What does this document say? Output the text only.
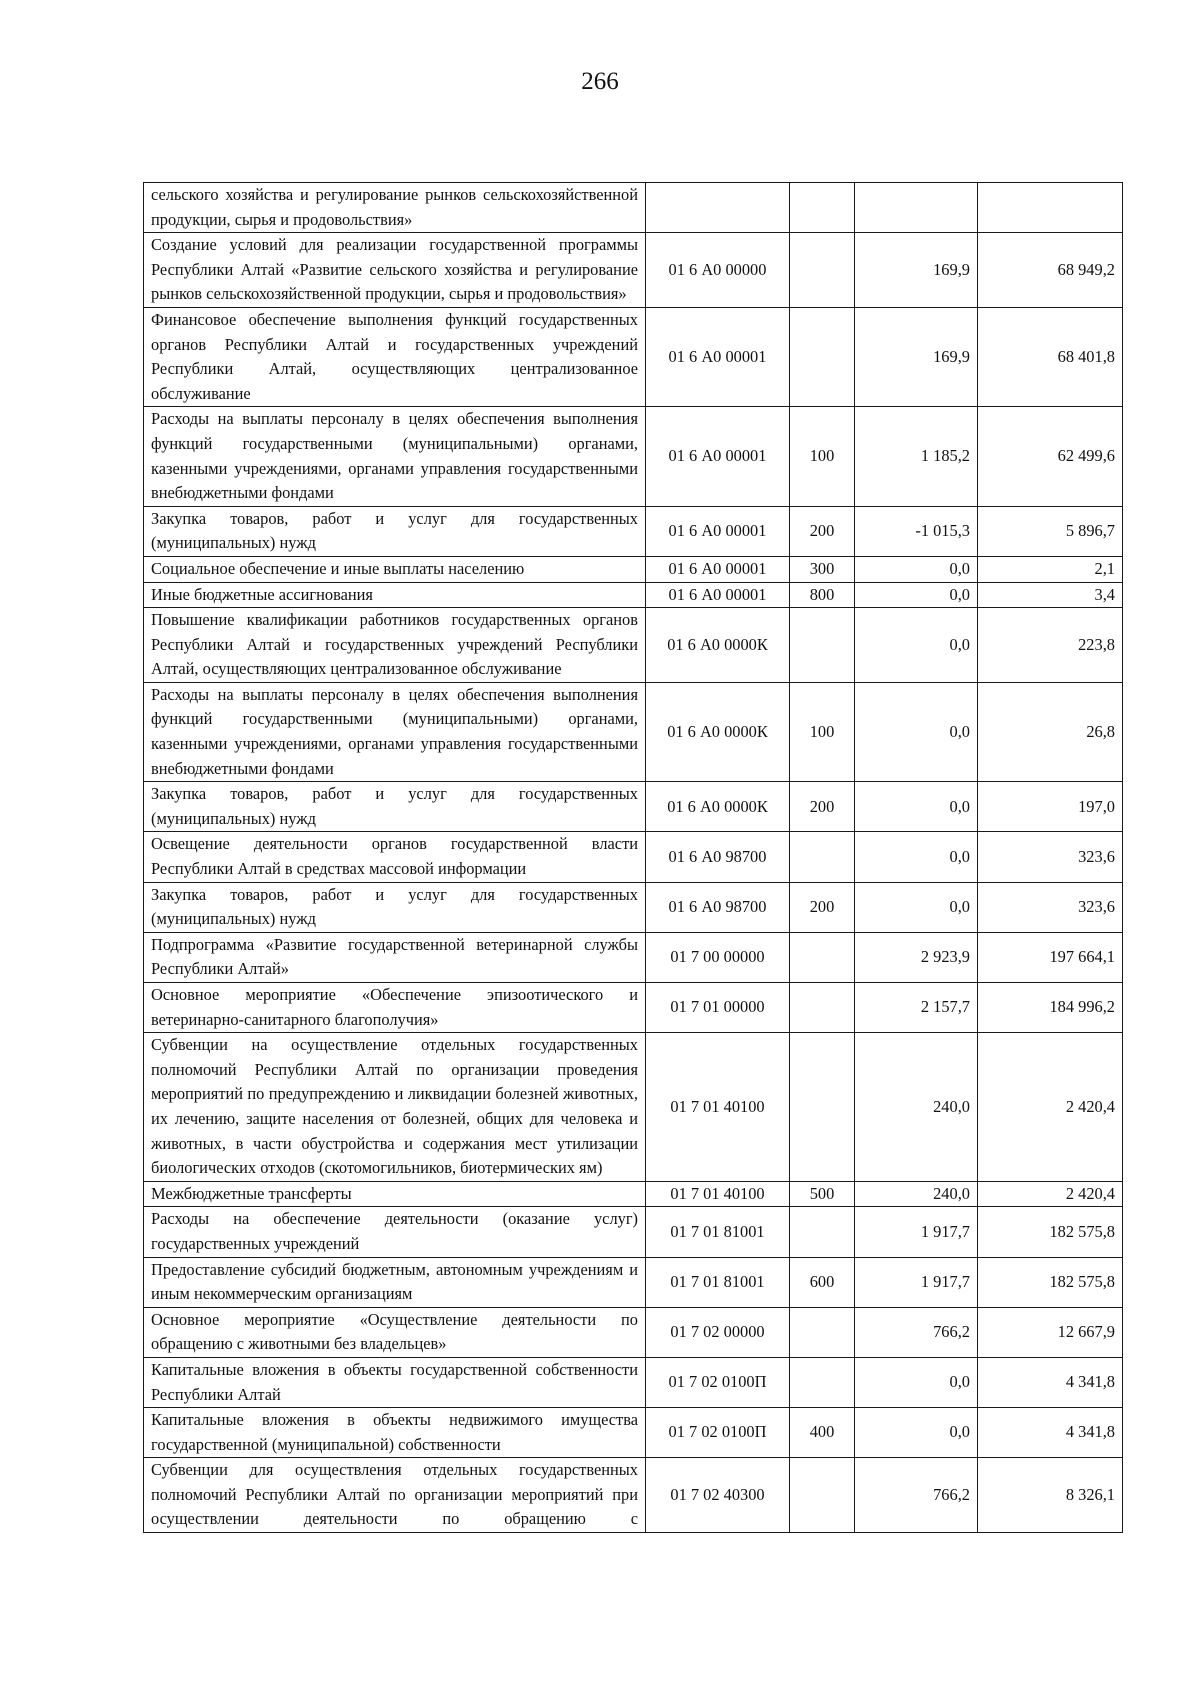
266
сельского хозяйства и регулирование рынков сельскохозяйственной продукции, сырья и продовольствия»				
Создание условий для реализации государственной программы Республики Алтай «Развитие сельского хозяйства и регулирование рынков сельскохозяйственной продукции, сырья и продовольствия»	01 6 А0 00000		169,9	68 949,2
Финансовое обеспечение выполнения функций государственных органов Республики Алтай и государственных учреждений Республики Алтай, осуществляющих централизованное обслуживание	01 6 А0 00001		169,9	68 401,8
Расходы на выплаты персоналу в целях обеспечения выполнения функций государственными (муниципальными) органами, казенными учреждениями, органами управления государственными внебюджетными фондами	01 6 А0 00001	100	1 185,2	62 499,6
Закупка товаров, работ и услуг для государственных (муниципальных) нужд	01 6 А0 00001	200	-1 015,3	5 896,7
Социальное обеспечение и иные выплаты населению	01 6 А0 00001	300	0,0	2,1
Иные бюджетные ассигнования	01 6 А0 00001	800	0,0	3,4
Повышение квалификации работников государственных органов Республики Алтай и государственных учреждений Республики Алтай, осуществляющих централизованное обслуживание	01 6 А0 0000К		0,0	223,8
Расходы на выплаты персоналу в целях обеспечения выполнения функций государственными (муниципальными) органами, казенными учреждениями, органами управления государственными внебюджетными фондами	01 6 А0 0000К	100	0,0	26,8
Закупка товаров, работ и услуг для государственных (муниципальных) нужд	01 6 А0 0000К	200	0,0	197,0
Освещение деятельности органов государственной власти Республики Алтай в средствах массовой информации	01 6 А0 98700		0,0	323,6
Закупка товаров, работ и услуг для государственных (муниципальных) нужд	01 6 А0 98700	200	0,0	323,6
Подпрограмма «Развитие государственной ветеринарной службы Республики Алтай»	01 7 00 00000		2 923,9	197 664,1
Основное мероприятие «Обеспечение эпизоотического и ветеринарно-санитарного благополучия»	01 7 01 00000		2 157,7	184 996,2
Субвенции на осуществление отдельных государственных полномочий Республики Алтай по организации проведения мероприятий по предупреждению и ликвидации болезней животных, их лечению, защите населения от болезней, общих для человека и животных, в части обустройства и содержания мест утилизации биологических отходов (скотомогильников, биотермических ям)	01 7 01 40100		240,0	2 420,4
Межбюджетные трансферты	01 7 01 40100	500	240,0	2 420,4
Расходы на обеспечение деятельности (оказание услуг) государственных учреждений	01 7 01 81001		1 917,7	182 575,8
Предоставление субсидий бюджетным, автономным учреждениям и иным некоммерческим организациям	01 7 01 81001	600	1 917,7	182 575,8
Основное мероприятие «Осуществление деятельности по обращению с животными без владельцев»	01 7 02 00000		766,2	12 667,9
Капитальные вложения в объекты государственной собственности Республики Алтай	01 7 02 0100П		0,0	4 341,8
Капитальные вложения в объекты недвижимого имущества государственной (муниципальной) собственности	01 7 02 0100П	400	0,0	4 341,8
Субвенции для осуществления отдельных государственных полномочий Республики Алтай по организации мероприятий при осуществлении деятельности по обращению с	01 7 02 40300		766,2	8 326,1
